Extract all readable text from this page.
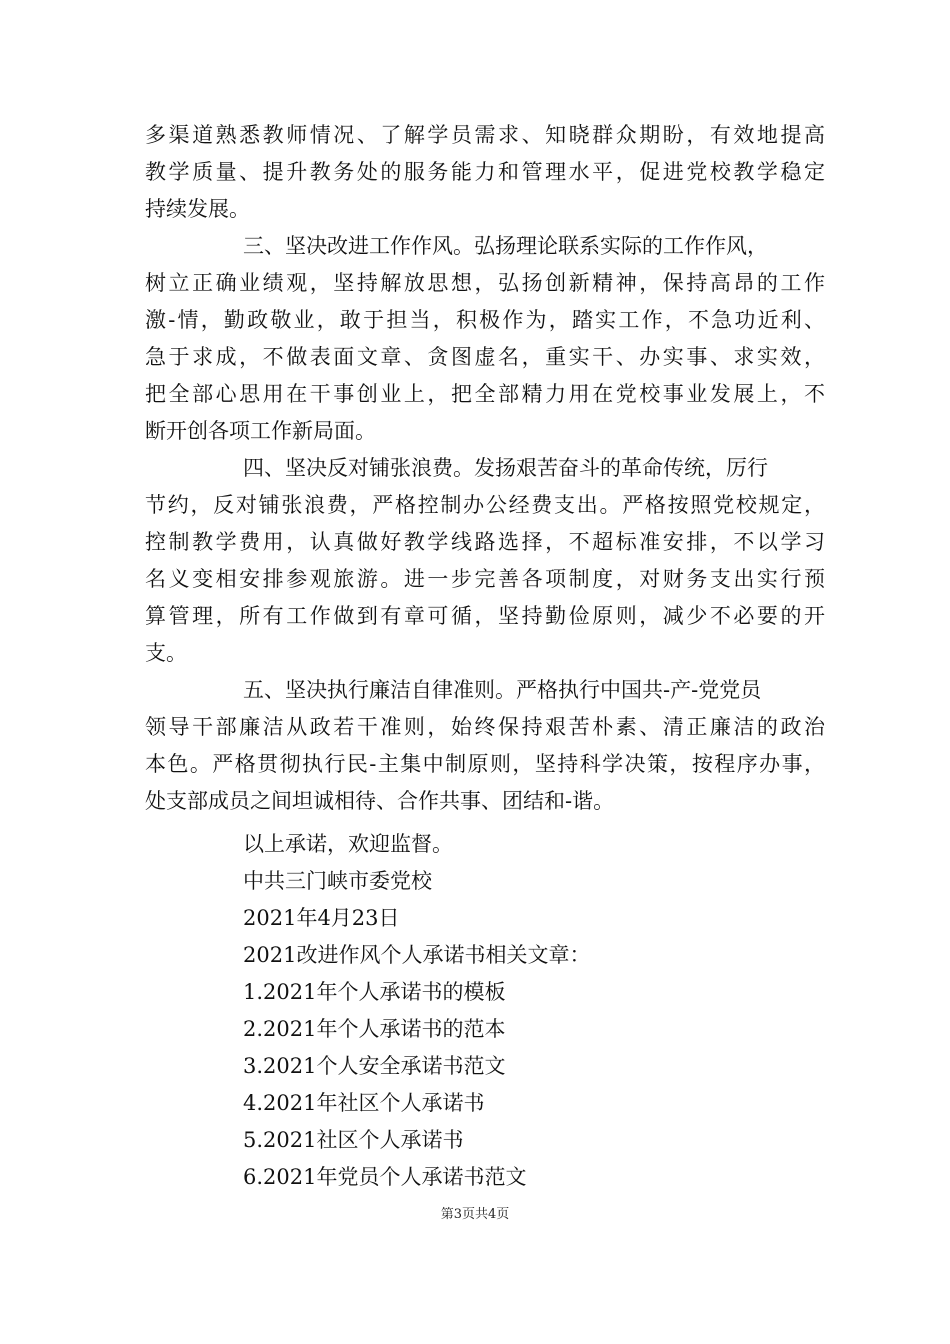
多渠道熟悉教师情况、了解学员需求、知晓群众期盼，有效地提高
教学质量、提升教务处的服务能力和管理水平，促进党校教学稳定
持续发展。
三、坚决改进工作作风。弘扬理论联系实际的工作作风，
树立正确业绩观，坚持解放思想，弘扬创新精神，保持高昂的工作
激-情，勤政敬业，敢于担当，积极作为，踏实工作，不急功近利、
急于求成，不做表面文章、贪图虚名，重实干、办实事、求实效，
把全部心思用在干事创业上，把全部精力用在党校事业发展上，不
断开创各项工作新局面。
四、坚决反对铺张浪费。发扬艰苦奋斗的革命传统，厉行
节约，反对铺张浪费，严格控制办公经费支出。严格按照党校规定，
控制教学费用，认真做好教学线路选择，不超标准安排，不以学习
名义变相安排参观旅游。进一步完善各项制度，对财务支出实行预
算管理，所有工作做到有章可循，坚持勤俭原则，减少不必要的开
支。
五、坚决执行廉洁自律准则。严格执行中国共-产-党党员
领导干部廉洁从政若干准则，始终保持艰苦朴素、清正廉洁的政治
本色。严格贯彻执行民-主集中制原则，坚持科学决策，按程序办事，
处支部成员之间坦诚相待、合作共事、团结和-谐。
以上承诺，欢迎监督。
中共三门峡市委党校
2021年4月23日
2021改进作风个人承诺书相关文章：
1.2021年个人承诺书的模板
2.2021年个人承诺书的范本
3.2021个人安全承诺书范文
4.2021年社区个人承诺书
5.2021社区个人承诺书
6.2021年党员个人承诺书范文
第3页共4页
